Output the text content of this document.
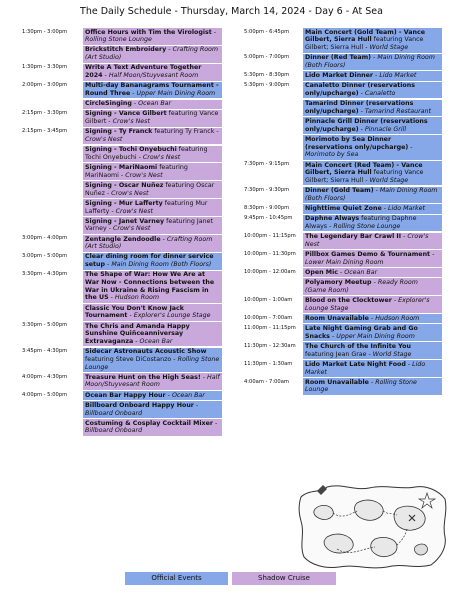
The Daily Schedule - Thursday, March 14, 2024 - Day 6 - At Sea
1:30pm - 3:00pm	Office Hours with Tim the Virologist - Rolling Stone Lounge
Brickstitch Embroidery - Crafting Room (Art Studio)
1:30pm - 3:30pm	Write A Text Adventure Together 2024 - Half Moon/Stuyvesant Room
2:00pm - 3:00pm	Multi-day Bananagrams Tournament - Round Three - Upper Main Dining Room
CircleSinging - Ocean Bar
2:15pm - 3:30pm	Signing - Vance Gilbert featuring Vance Gilbert - Crow's Nest
2:15pm - 3:45pm	Signing - Ty Franck featuring Ty Franck - Crow's Nest
Signing - Tochi Onyebuchi featuring Tochi Onyebuchi - Crow's Nest
Signing - MariNaomi featuring MariNaomi - Crow's Nest
Signing - Oscar Nuñez featuring Oscar Nuñez - Crow's Nest
Signing - Mur Lafferty featuring Mur Lafferty - Crow's Nest
Signing - Janet Varney featuring Janet Varney - Crow's Nest
3:00pm - 4:00pm	Zentangle Zendoodle - Crafting Room (Art Studio)
3:00pm - 5:00pm	Clear dining room for dinner service setup - Main Dining Room (Both Floors)
3:30pm - 4:30pm	The Shape of War: How We Are at War Now - Connections between the War in Ukraine & Rising Fascism in the US - Hudson Room
Classic You Don't Know Jack Tournament - Explorer's Lounge Stage
3:30pm - 5:00pm	The Chris and Amanda Happy Sunshine Quiñceanniversay Extravaganza - Ocean Bar
3:45pm - 4:30pm	Sidecar Astronauts Acoustic Show featuring Steve DiCostanzo - Rolling Stone Lounge
4:00pm - 4:30pm	Treasure Hunt on the High Seas! - Half Moon/Stuyvesant Room
4:00pm - 5:00pm	Ocean Bar Happy Hour - Ocean Bar
Billboard Onboard Happy Hour - Billboard Onboard
Costuming & Cosplay Cocktail Mixer - Billboard Onboard
5:00pm - 6:45pm	Main Concert (Gold Team) - Vance Gilbert, Sierra Hull featuring Vance Gilbert; Sierra Hull - World Stage
5:00pm - 7:00pm	Dinner (Red Team) - Main Dining Room (Both Floors)
5:30pm - 8:30pm	Lido Market Dinner - Lido Market
5:30pm - 9:00pm	Canaletto Dinner (reservations only/upcharge) - Canaletto
Tamarind Dinner (reservations only/upcharge) - Tamarind Restaurant
Pinnacle Grill Dinner (reservations only/upcharge) - Pinnacle Grill
Morimoto by Sea Dinner (reservations only/upcharge) - Morimoto by Sea
7:30pm - 9:15pm	Main Concert (Red Team) - Vance Gilbert, Sierra Hull featuring Vance Gilbert; Sierra Hull - World Stage
7:30pm - 9:30pm	Dinner (Gold Team) - Main Dining Room (Both Floors)
8:30pm - 9:00pm	Nighttime Quiet Zone - Lido Market
9:45pm - 10:45pm	Daphne Always featuring Daphne Always - Rolling Stone Lounge
10:00pm - 11:15pm	The Legendary Bar Crawl II - Crow's Nest
10:00pm - 11:30pm	Pillbox Games Demo & Tournament - Lower Main Dining Room
10:00pm - 12:00am	Open Mic - Ocean Bar
Polyamory Meetup - Ready Room (Game Room)
10:00pm - 1:00am	Blood on the Clocktower - Explorer's Lounge Stage
10:00pm - 7:00am	Room Unavailable - Hudson Room
11:00pm - 11:15pm	Late Night Gaming Grab and Go Snacks - Upper Main Dining Room
11:30pm - 12:30am	The Church of the Infinite You featuring Jean Grae - World Stage
11:30pm - 1:30am	Lido Market Late Night Food - Lido Market
4:00am - 7:00am	Room Unavailable - Rolling Stone Lounge
Official Events	Shadow Cruise
